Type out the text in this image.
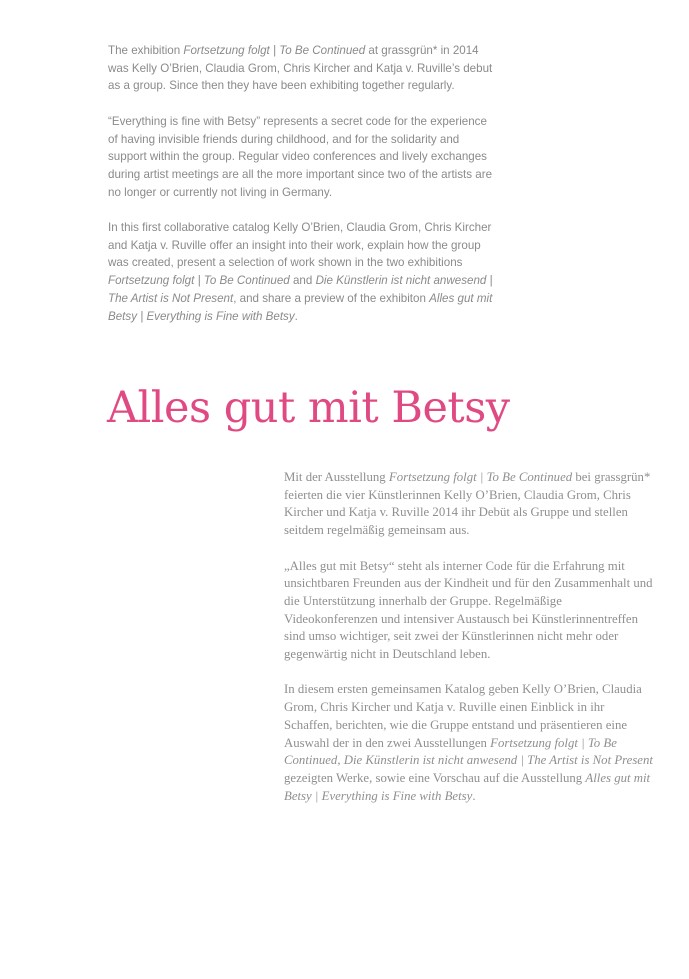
The exhibition Fortsetzung folgt | To Be Continued at grassgrün* in 2014 was Kelly O’Brien, Claudia Grom, Chris Kircher and Katja v. Ruville’s debut as a group. Since then they have been exhibiting together regularly.

“Everything is fine with Betsy” represents a secret code for the experience of having invisible friends during childhood, and for the solidarity and support within the group. Regular video conferences and lively exchanges during artist meetings are all the more important since two of the artists are no longer or currently not living in Germany.

In this first collaborative catalog Kelly O’Brien, Claudia Grom, Chris Kircher and Katja v. Ruville offer an insight into their work, explain how the group was created, present a selection of work shown in the two exhibitions Fortsetzung folgt | To Be Continued and Die Künstlerin ist nicht anwesend | The Artist is Not Present, and share a preview of the exhibiton Alles gut mit Betsy | Everything is Fine with Betsy.

Alles gut mit Betsy

Mit der Ausstellung Fortsetzung folgt | To Be Continued bei grassgrün* feierten die vier Künstlerinnen Kelly O’Brien, Claudia Grom, Chris Kircher und Katja v. Ruville 2014 ihr Debüt als Gruppe und stellen seitdem regelmäßig gemeinsam aus.

„Alles gut mit Betsy“ steht als interner Code für die Erfahrung mit unsichtbaren Freunden aus der Kindheit und für den Zusammenhalt und die Unterstützung innerhalb der Gruppe. Regelmäßige Videokonferenzen und intensiver Austausch bei Künstlerinnentreffen sind umso wichtiger, seit zwei der Künstlerinnen nicht mehr oder gegenwärtig nicht in Deutschland leben.

In diesem ersten gemeinsamen Katalog geben Kelly O’Brien, Claudia Grom, Chris Kircher und Katja v. Ruville einen Einblick in ihr Schaffen, berichten, wie die Gruppe entstand und präsentieren eine Auswahl der in den zwei Ausstellungen Fortsetzung folgt | To Be Continued, Die Künstlerin ist nicht anwesend | The Artist is Not Present gezeigten Werke, sowie eine Vorschau auf die Ausstellung Alles gut mit Betsy | Everything is Fine with Betsy.
